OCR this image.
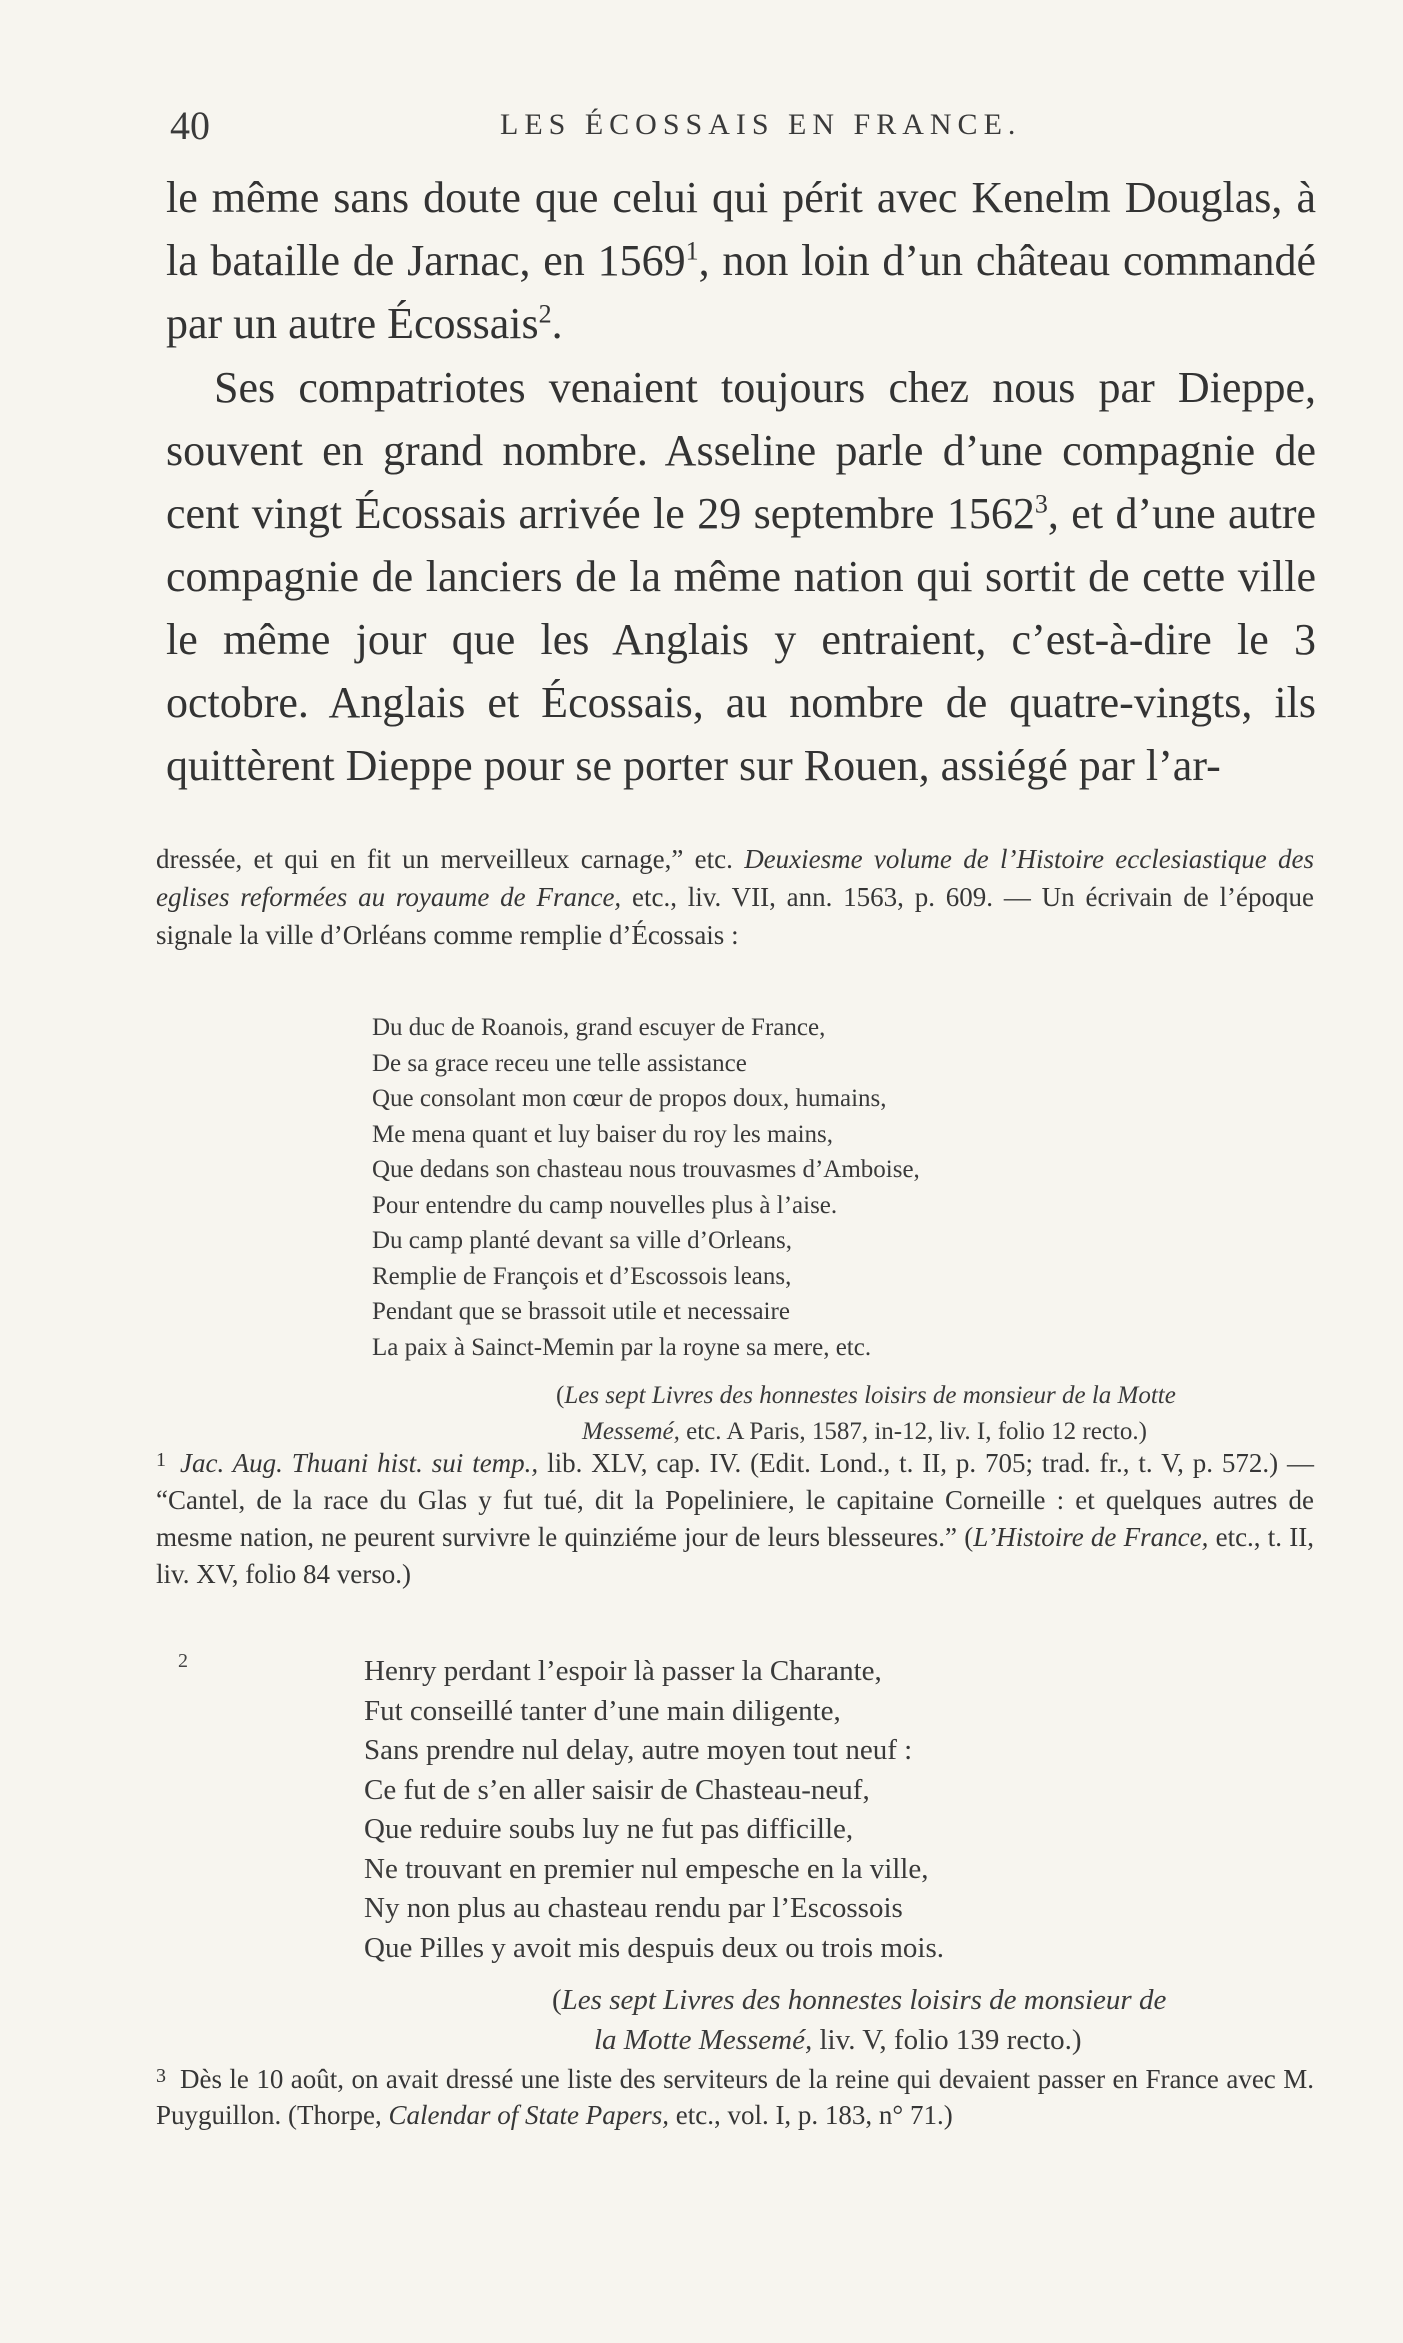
40	LES ÉCOSSAIS EN FRANCE.

le même sans doute que celui qui périt avec Kenelm Douglas, à la bataille de Jarnac, en 1569$^1$, non loin d’un château commandé par un autre Écossais$^2$.

Ses compatriotes venaient toujours chez nous par Dieppe, souvent en grand nombre. Asseline parle d’une compagnie de cent vingt Écossais arrivée le 29 septembre 1562$^3$, et d’une autre compagnie de lanciers de la même nation qui sortit de cette ville le même jour que les Anglais y entraient, c’est-à-dire le 3 octobre. Anglais et Écossais, au nombre de quatre-vingts, ils quittèrent Dieppe pour se porter sur Rouen, assiégé par l’ar-

dressée, et qui en fit un merveilleux carnage,” etc. Deuxiesme volume de l’Histoire ecclesiastique des eglises reformées au royaume de France, etc., liv. VII, ann. 1563, p. 609. — Un écrivain de l’époque signale la ville d’Orléans comme remplie d’Écossais :

Du duc de Roanois, grand escuyer de France,
De sa grace receu une telle assistance
Que consolant mon cœur de propos doux, humains,
Me mena quant et luy baiser du roy les mains,
Que dedans son chasteau nous trouvasmes d’Amboise,
Pour entendre du camp nouvelles plus à l’aise.
Du camp planté devant sa ville d’Orleans,
Remplie de François et d’Escossois leans,
Pendant que se brassoit utile et necessaire
La paix à Sainct-Memin par la royne sa mere, etc.
(Les sept Livres des honnestes loisirs de monsieur de la Motte
Messemé, etc. A Paris, 1587, in-12, liv. I, folio 12 recto.)

$^1$ Jac. Aug. Thuani hist. sui temp., lib. XLV, cap. IV. (Edit. Lond., t. II, p. 705; trad. fr., t. V, p. 572.) — “Cantel, de la race du Glas y fut tué, dit la Popeliniere, le capitaine Corneille : et quelques autres de mesme nation, ne peurent survivre le quinziéme jour de leurs blesseures.” (L’Histoire de France, etc., t. II, liv. XV, folio 84 verso.)

2	Henry perdant l’espoir là passer la Charante,
Fut conseillé tanter d’une main diligente,
Sans prendre nul delay, autre moyen tout neuf :
Ce fut de s’en aller saisir de Chasteau-neuf,
Que reduire soubs luy ne fut pas difficille,
Ne trouvant en premier nul empesche en la ville,
Ny non plus au chasteau rendu par l’Escossois
Que Pilles y avoit mis despuis deux ou trois mois.
(Les sept Livres des honnestes loisirs de monsieur de
la Motte Messemé, liv. V, folio 139 recto.)

$^3$ Dès le 10 août, on avait dressé une liste des serviteurs de la reine qui devaient passer en France avec M. Puyguillon. (Thorpe, Calendar of State Papers, etc., vol. I, p. 183, n° 71.)
